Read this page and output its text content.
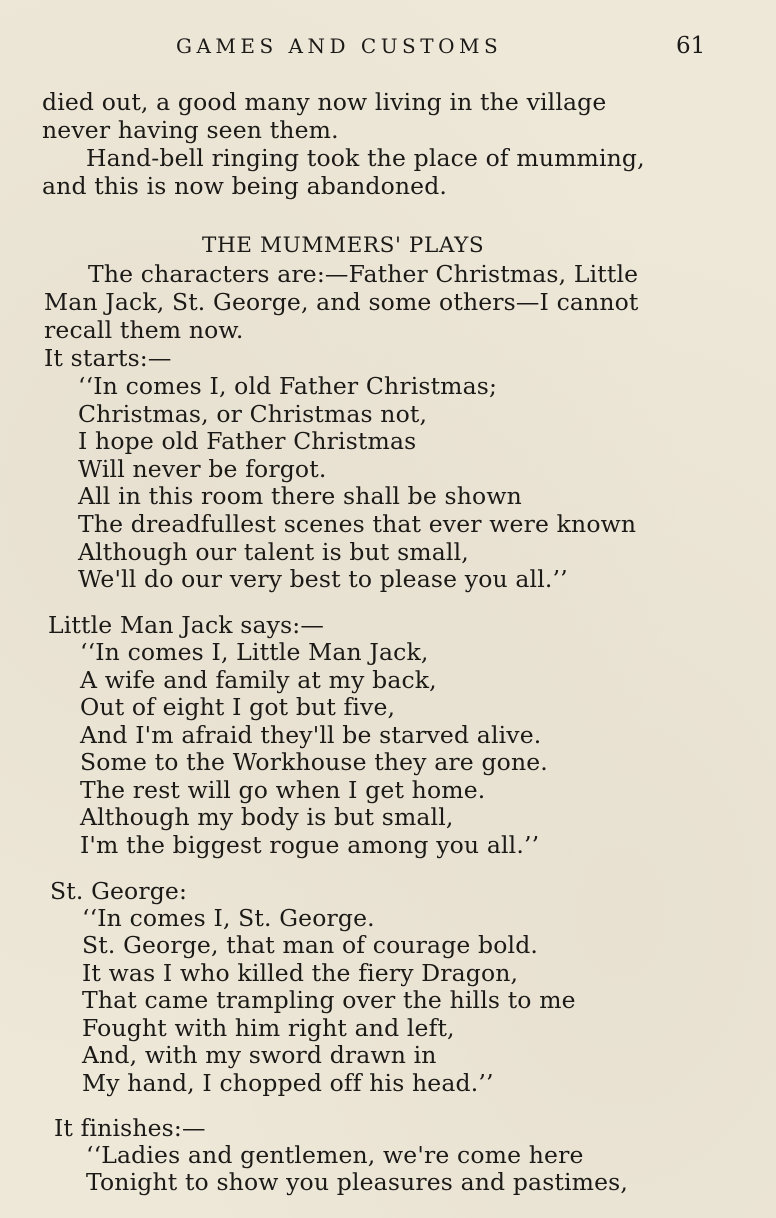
GAMES AND CUSTOMS	61
died out, a good many now living in the village
never having seen them.
Hand-bell ringing took the place of mumming,
and this is now being abandoned.
THE MUMMERS' PLAYS
The characters are:—Father Christmas, Little
Man Jack, St. George, and some others—I cannot
recall them now.
It starts:—
‘‘In comes I, old Father Christmas;
Christmas, or Christmas not,
I hope old Father Christmas
Will never be forgot.
All in this room there shall be shown
The dreadfullest scenes that ever were known
Although our talent is but small,
We'll do our very best to please you all.’’
Little Man Jack says:—
‘‘In comes I, Little Man Jack,
A wife and family at my back,
Out of eight I got but five,
And I'm afraid they'll be starved alive.
Some to the Workhouse they are gone.
The rest will go when I get home.
Although my body is but small,
I'm the biggest rogue among you all.’’
St. George:
‘‘In comes I, St. George.
St. George, that man of courage bold.
It was I who killed the fiery Dragon,
That came trampling over the hills to me
Fought with him right and left,
And, with my sword drawn in
My hand, I chopped off his head.’’
It finishes:—
‘‘Ladies and gentlemen, we're come here
Tonight to show you pleasures and pastimes,
